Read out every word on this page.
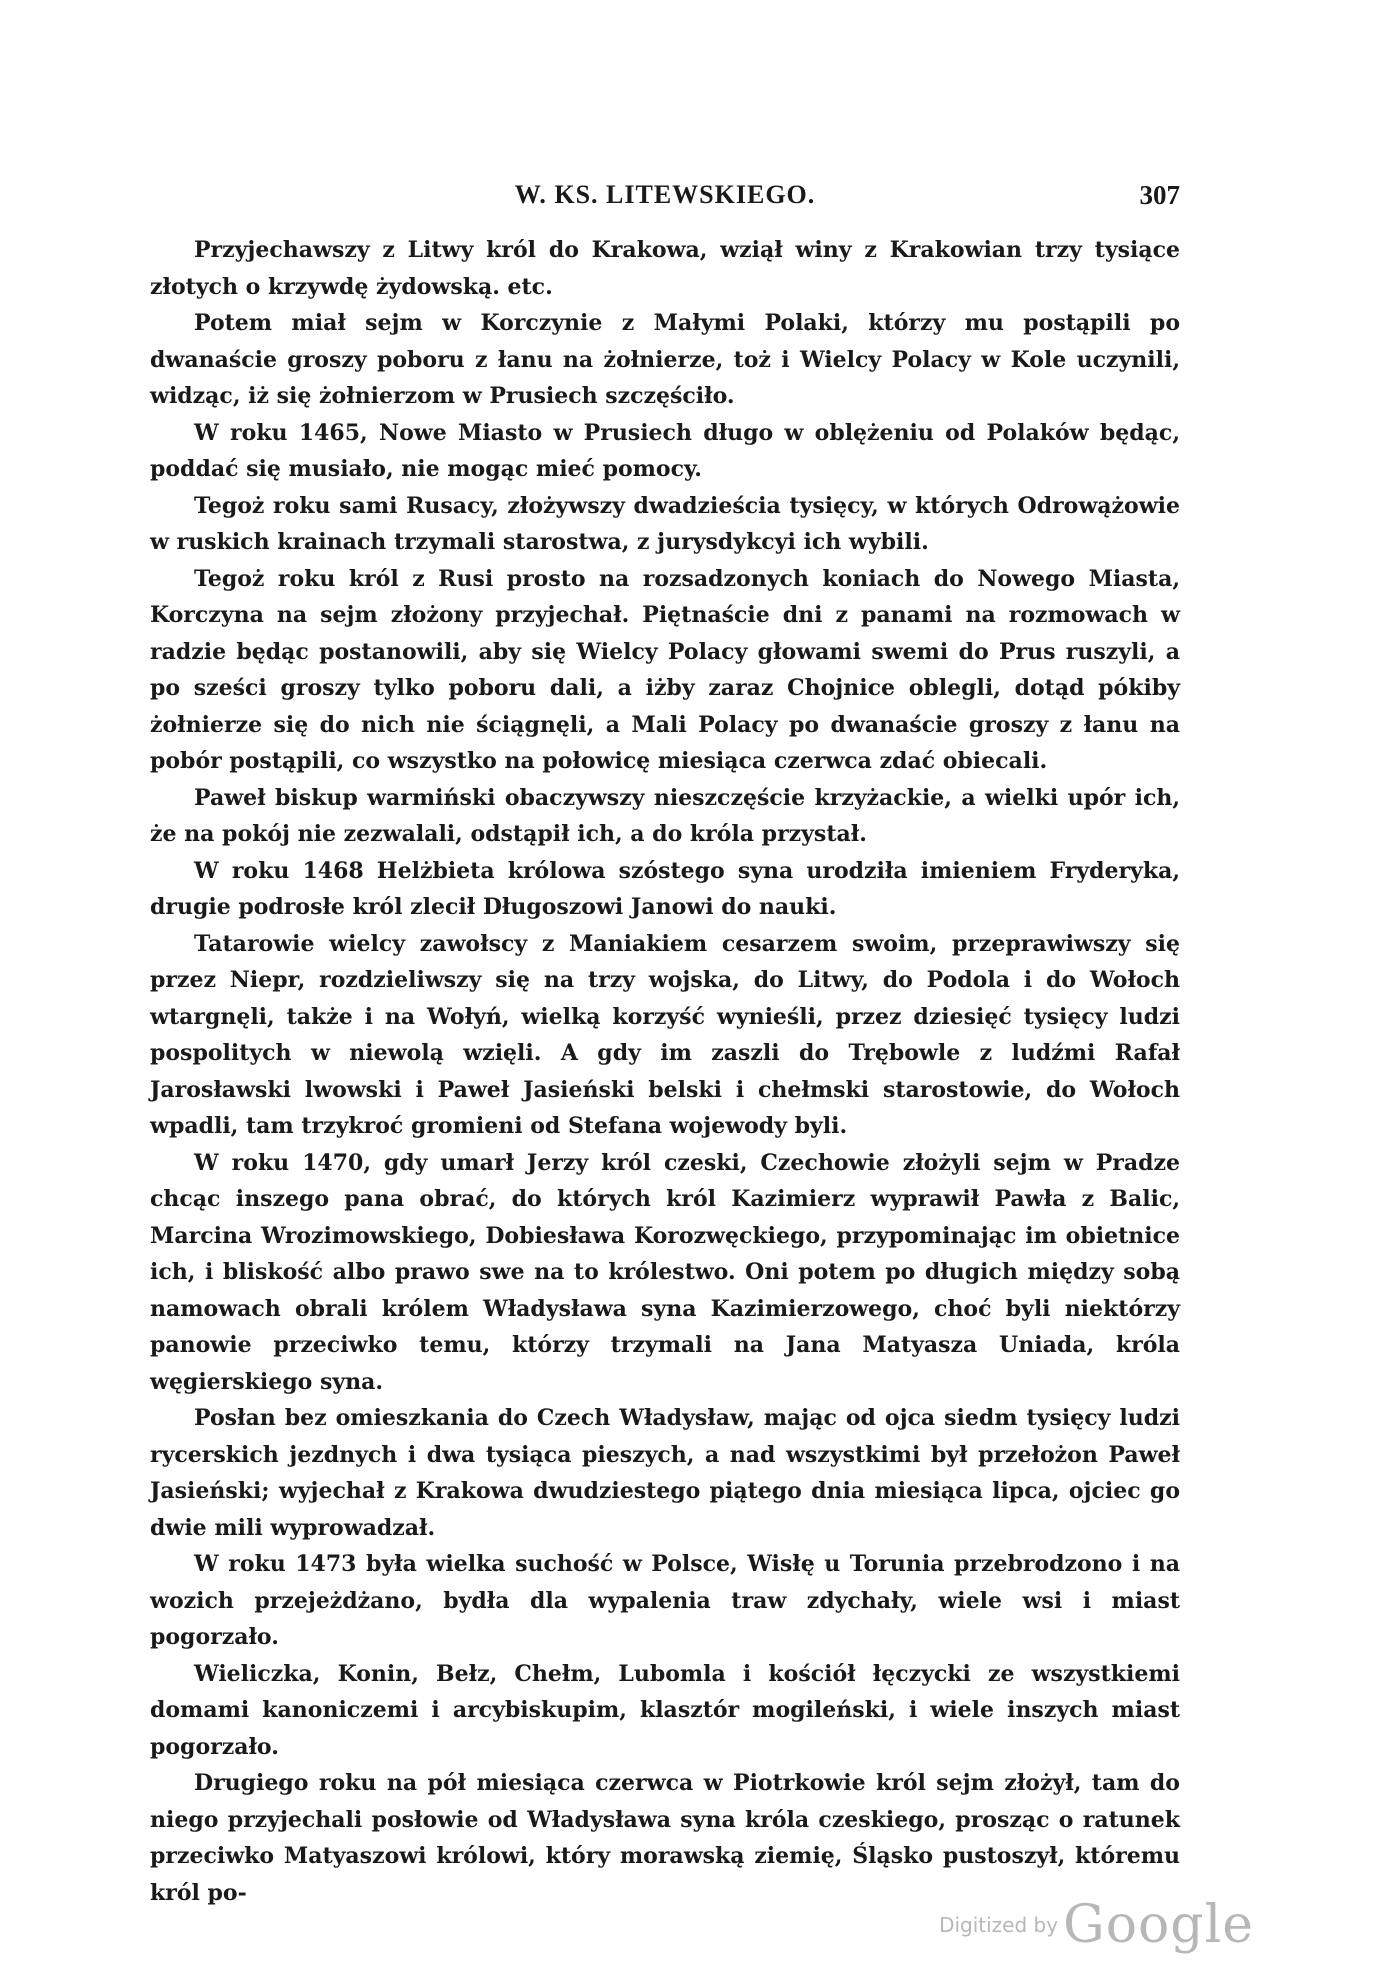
W. KS. LITEWSKIEGO.	307

Przyjechawszy z Litwy król do Krakowa, wziął winy z Krakowian trzy tysiące złotych o krzywdę żydowską. etc.

Potem miał sejm w Korczynie z Małymi Polaki, którzy mu postąpili po dwanaście groszy poboru z łanu na żołnierze, toż i Wielcy Polacy w Kole uczynili, widząc, iż się żołnierzom w Prusiech szczęściło.

W roku 1465, Nowe Miasto w Prusiech długo w oblężeniu od Polaków będąc, poddać się musiało, nie mogąc mieć pomocy.

Tegoż roku sami Rusacy, złożywszy dwadzieścia tysięcy, w których Odrowążowie w ruskich krainach trzymali starostwa, z jurysdykcyi ich wybili.

Tegoż roku król z Rusi prosto na rozsadzonych koniach do Nowego Miasta, Korczyna na sejm złożony przyjechał. Piętnaście dni z panami na rozmowach w radzie będąc postanowili, aby się Wielcy Polacy głowami swemi do Prus ruszyli, a po sześci groszy tylko poboru dali, a iżby zaraz Chojnice oblegli, dotąd pókiby żołnierze się do nich nie ściągnęli, a Mali Polacy po dwanaście groszy z łanu na pobór postąpili, co wszystko na połowicę miesiąca czerwca zdać obiecali.

Paweł biskup warmiński obaczywszy nieszczęście krzyżackie, a wielki upór ich, że na pokój nie zezwalali, odstąpił ich, a do króla przystał.

W roku 1468 Helżbieta królowa szóstego syna urodziła imieniem Fryderyka, drugie podrosłe król zlecił Długoszowi Janowi do nauki.

Tatarowie wielcy zawołscy z Maniakiem cesarzem swoim, przeprawiwszy się przez Niepr, rozdzieliwszy się na trzy wojska, do Litwy, do Podola i do Wołoch wtargnęli, także i na Wołyń, wielką korzyść wynieśli, przez dziesięć tysięcy ludzi pospolitych w niewolą wzięli. A gdy im zaszli do Trębowle z ludźmi Rafał Jarosławski lwowski i Paweł Jasieński belski i chełmski starostowie, do Wołoch wpadli, tam trzykroć gromieni od Stefana wojewody byli.

W roku 1470, gdy umarł Jerzy król czeski, Czechowie złożyli sejm w Pradze chcąc inszego pana obrać, do których król Kazimierz wyprawił Pawła z Balic, Marcina Wrozimowskiego, Dobiesława Korozwęckiego, przypominając im obietnice ich, i bliskość albo prawo swe na to królestwo. Oni potem po długich między sobą namowach obrali królem Władysława syna Kazimierzowego, choć byli niektórzy panowie przeciwko temu, którzy trzymali na Jana Matyasza Uniada, króla węgierskiego syna.

Posłan bez omieszkania do Czech Władysław, mając od ojca siedm tysięcy ludzi rycerskich jezdnych i dwa tysiąca pieszych, a nad wszystkimi był przełożon Paweł Jasieński; wyjechał z Krakowa dwudziestego piątego dnia miesiąca lipca, ojciec go dwie mili wyprowadzał.

W roku 1473 była wielka suchość w Polsce, Wisłę u Torunia przebrodzono i na wozich przejeżdżano, bydła dla wypalenia traw zdychały, wiele wsi i miast pogorzało.

Wieliczka, Konin, Bełz, Chełm, Lubomla i kościół łęczycki ze wszystkiemi domami kanoniczemi i arcybiskupim, klasztór mogileński, i wiele inszych miast pogorzało.

Drugiego roku na pół miesiąca czerwca w Piotrkowie król sejm złożył, tam do niego przyjechali posłowie od Władysława syna króla czeskiego, prosząc o ratunek przeciwko Matyaszowi królowi, który morawską ziemię, Śląsko pustoszył, któremu król po-

Digitized by Google
